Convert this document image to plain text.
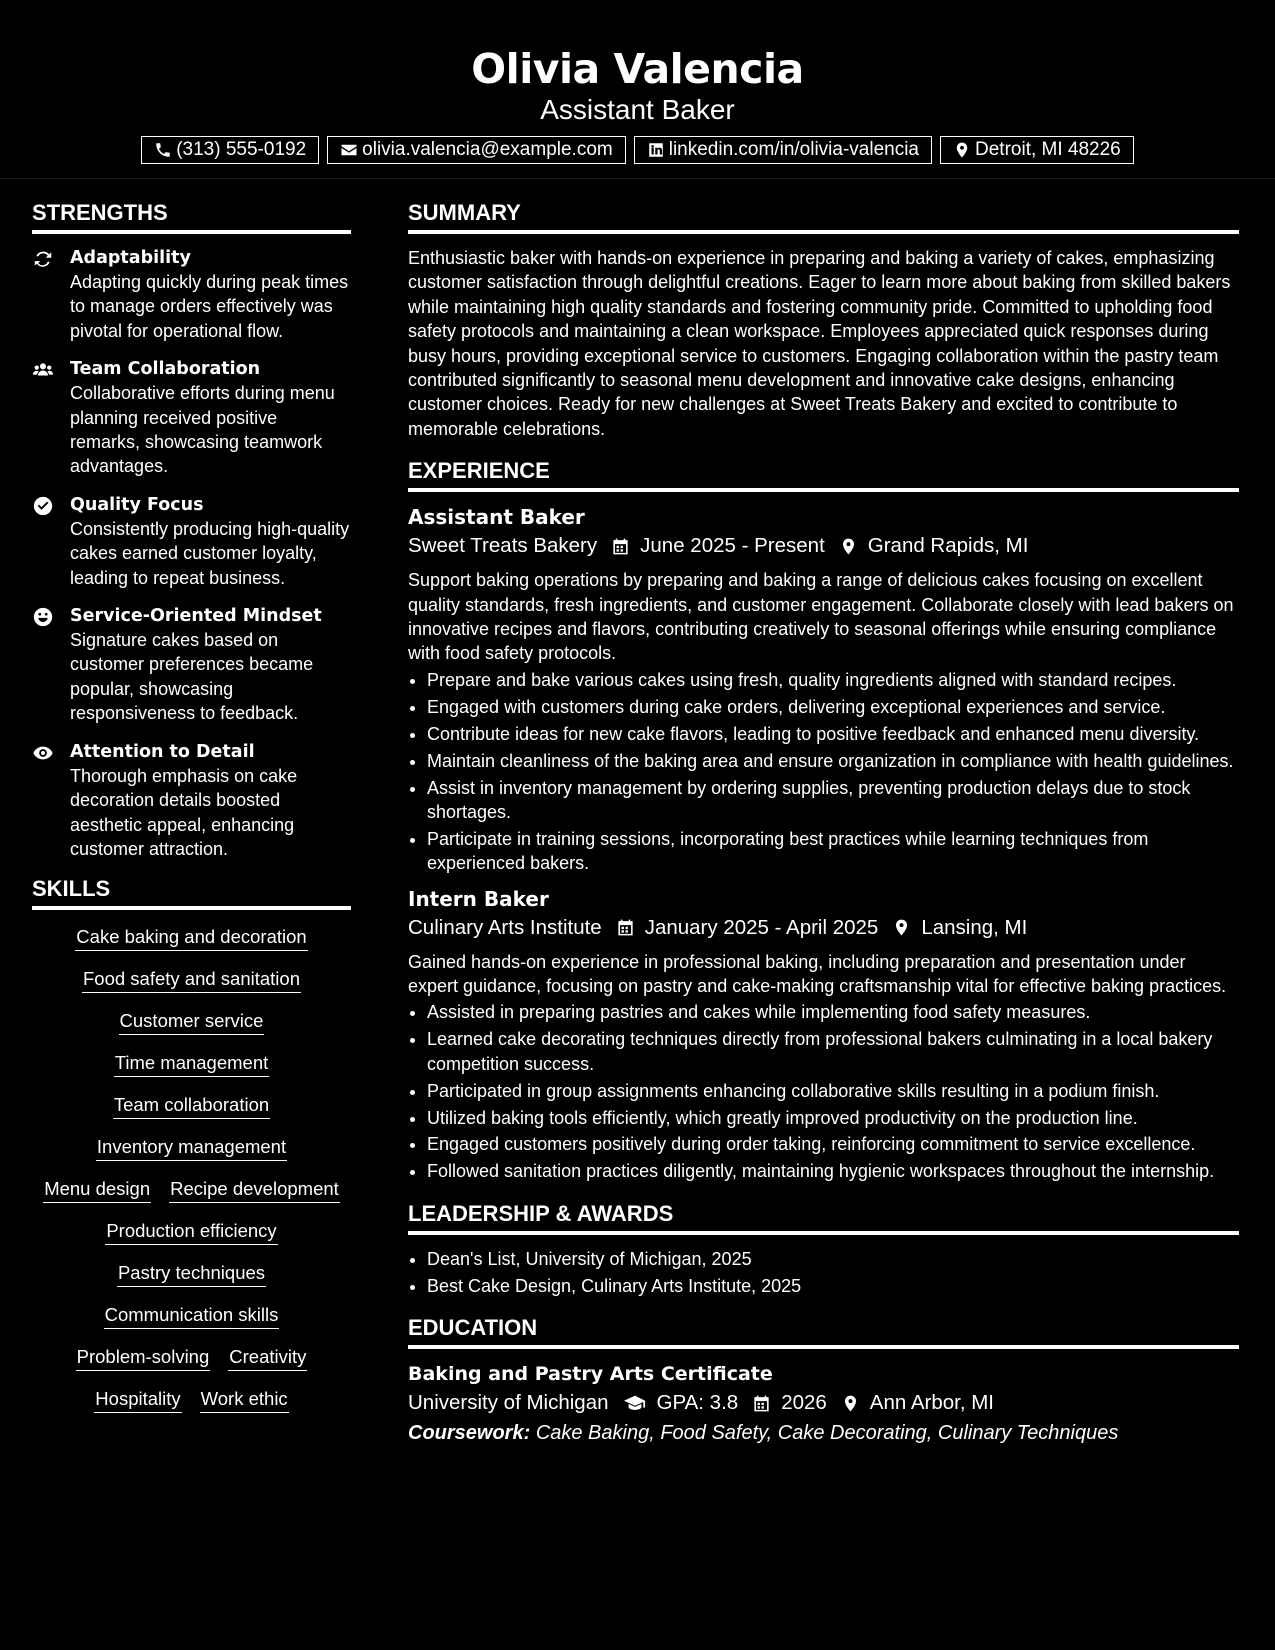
Olivia Valencia
Assistant Baker
(313) 555-0192	olivia.valencia@example.com	linkedin.com/in/olivia-valencia	Detroit, MI 48226
STRENGTHS
Adaptability
Adapting quickly during peak times to manage orders effectively was pivotal for operational flow.
Team Collaboration
Collaborative efforts during menu planning received positive remarks, showcasing teamwork advantages.
Quality Focus
Consistently producing high-quality cakes earned customer loyalty, leading to repeat business.
Service-Oriented Mindset
Signature cakes based on customer preferences became popular, showcasing responsiveness to feedback.
Attention to Detail
Thorough emphasis on cake decoration details boosted aesthetic appeal, enhancing customer attraction.
SKILLS
Cake baking and decoration
Food safety and sanitation
Customer service
Time management
Team collaboration
Inventory management
Menu design Recipe development
Production efficiency
Pastry techniques
Communication skills
Problem-solving Creativity
Hospitality Work ethic
SUMMARY
Enthusiastic baker with hands-on experience in preparing and baking a variety of cakes, emphasizing customer satisfaction through delightful creations. Eager to learn more about baking from skilled bakers while maintaining high quality standards and fostering community pride. Committed to upholding food safety protocols and maintaining a clean workspace. Employees appreciated quick responses during busy hours, providing exceptional service to customers. Engaging collaboration within the pastry team contributed significantly to seasonal menu development and innovative cake designs, enhancing customer choices. Ready for new challenges at Sweet Treats Bakery and excited to contribute to memorable celebrations.
EXPERIENCE
Assistant Baker
Sweet Treats Bakery June 2025 - Present Grand Rapids, MI
Support baking operations by preparing and baking a range of delicious cakes focusing on excellent quality standards, fresh ingredients, and customer engagement. Collaborate closely with lead bakers on innovative recipes and flavors, contributing creatively to seasonal offerings while ensuring compliance with food safety protocols.
• Prepare and bake various cakes using fresh, quality ingredients aligned with standard recipes.
• Engaged with customers during cake orders, delivering exceptional experiences and service.
• Contribute ideas for new cake flavors, leading to positive feedback and enhanced menu diversity.
• Maintain cleanliness of the baking area and ensure organization in compliance with health guidelines.
• Assist in inventory management by ordering supplies, preventing production delays due to stock shortages.
• Participate in training sessions, incorporating best practices while learning techniques from experienced bakers.
Intern Baker
Culinary Arts Institute January 2025 - April 2025 Lansing, MI
Gained hands-on experience in professional baking, including preparation and presentation under expert guidance, focusing on pastry and cake-making craftsmanship vital for effective baking practices.
• Assisted in preparing pastries and cakes while implementing food safety measures.
• Learned cake decorating techniques directly from professional bakers culminating in a local bakery competition success.
• Participated in group assignments enhancing collaborative skills resulting in a podium finish.
• Utilized baking tools efficiently, which greatly improved productivity on the production line.
• Engaged customers positively during order taking, reinforcing commitment to service excellence.
• Followed sanitation practices diligently, maintaining hygienic workspaces throughout the internship.
LEADERSHIP & AWARDS
• Dean's List, University of Michigan, 2025
• Best Cake Design, Culinary Arts Institute, 2025
EDUCATION
Baking and Pastry Arts Certificate
University of Michigan GPA: 3.8 2026 Ann Arbor, MI
Coursework: Cake Baking, Food Safety, Cake Decorating, Culinary Techniques
